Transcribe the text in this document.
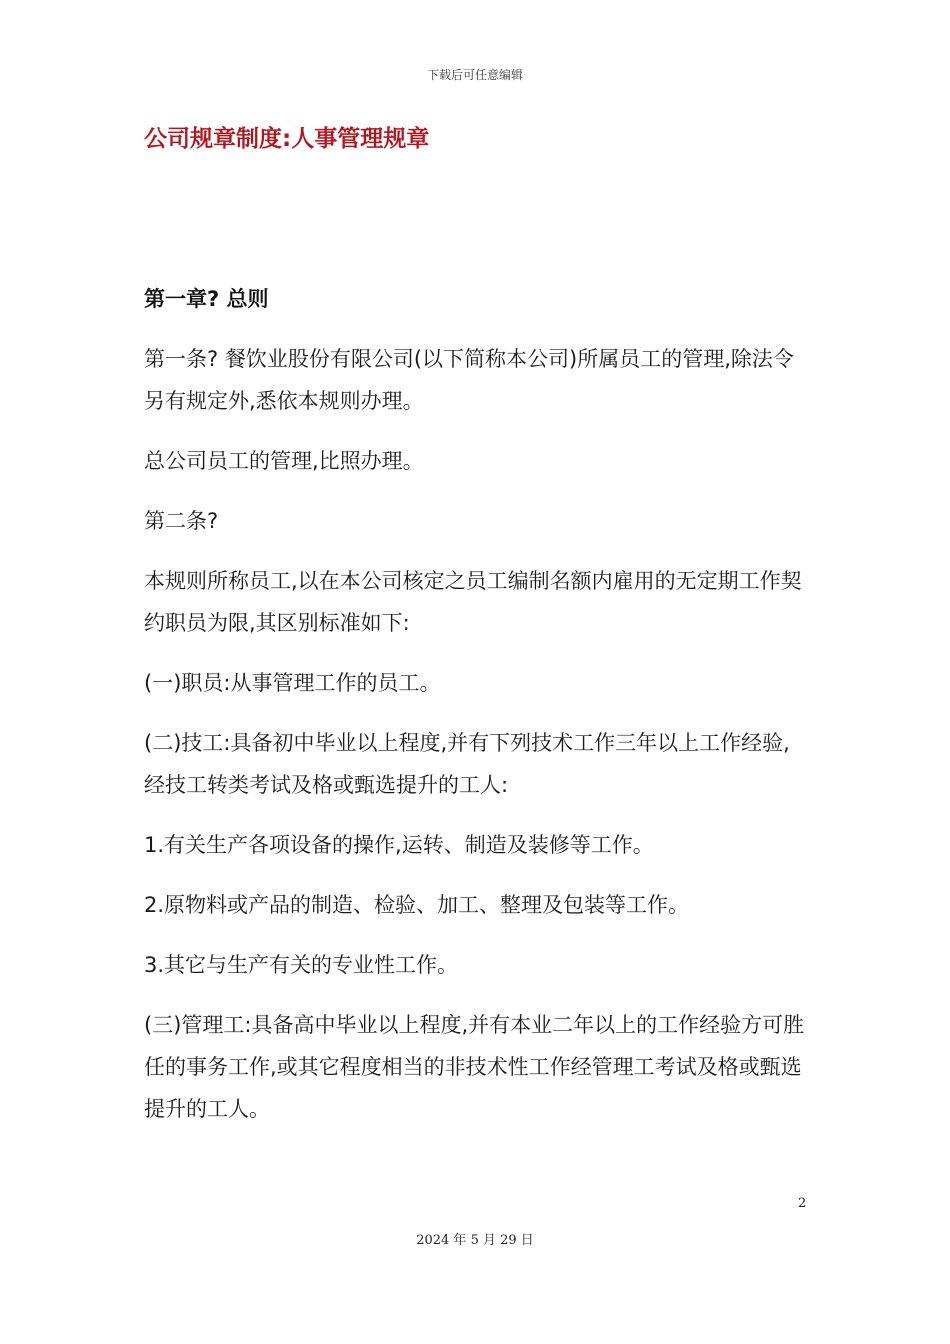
下载后可任意编辑
公司规章制度:人事管理规章
第一章? 总则

第一条? 餐饮业股份有限公司(以下简称本公司)所属员工的管理,除法令另有规定外,悉依本规则办理。

总公司员工的管理,比照办理。

第二条?

本规则所称员工,以在本公司核定之员工编制名额内雇用的无定期工作契约职员为限,其区别标准如下:

(一)职员:从事管理工作的员工。

(二)技工:具备初中毕业以上程度,并有下列技术工作三年以上工作经验,经技工转类考试及格或甄选提升的工人:

1.有关生产各项设备的操作,运转、制造及装修等工作。

2.原物料或产品的制造、检验、加工、整理及包装等工作。

3.其它与生产有关的专业性工作。

(三)管理工:具备高中毕业以上程度,并有本业二年以上的工作经验方可胜任的事务工作,或其它程度相当的非技术性工作经管理工考试及格或甄选提升的工人。

2
2024 年 5 月 29 日
